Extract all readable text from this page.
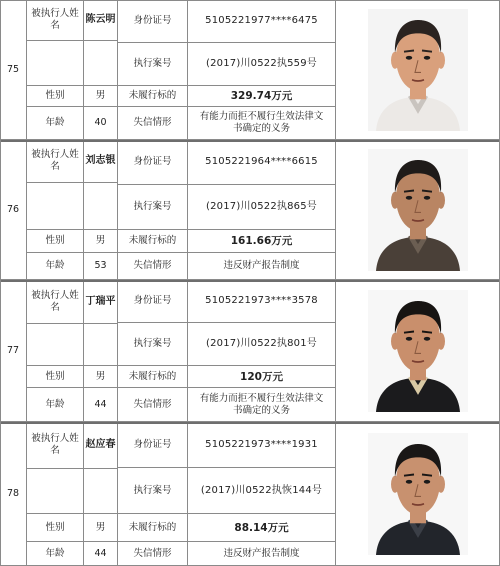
75
被执行人姓名
陈云明	身份证号	5105221977****6475
执行案号	(2017)川0522执559号
性别	男	未履行标的	329.74万元
年龄	40	失信情形
有能力而拒不履行生效法律文书确定的义务
76
被执行人姓名
刘志银	身份证号	5105221964****6615
执行案号	(2017)川0522执865号
性别	男	未履行标的	161.66万元
年龄	53	失信情形	违反财产报告制度
77
被执行人姓名
丁瑞平	身份证号	5105221973****3578
执行案号	(2017)川0522执801号
性别	男	未履行标的	120万元
年龄	44	失信情形
有能力而拒不履行生效法律文书确定的义务
78
被执行人姓名
赵应春	身份证号	5105221973****1931
执行案号	(2017)川0522执恢144号
性别	男	未履行标的	88.14万元
年龄	44	失信情形	违反财产报告制度
